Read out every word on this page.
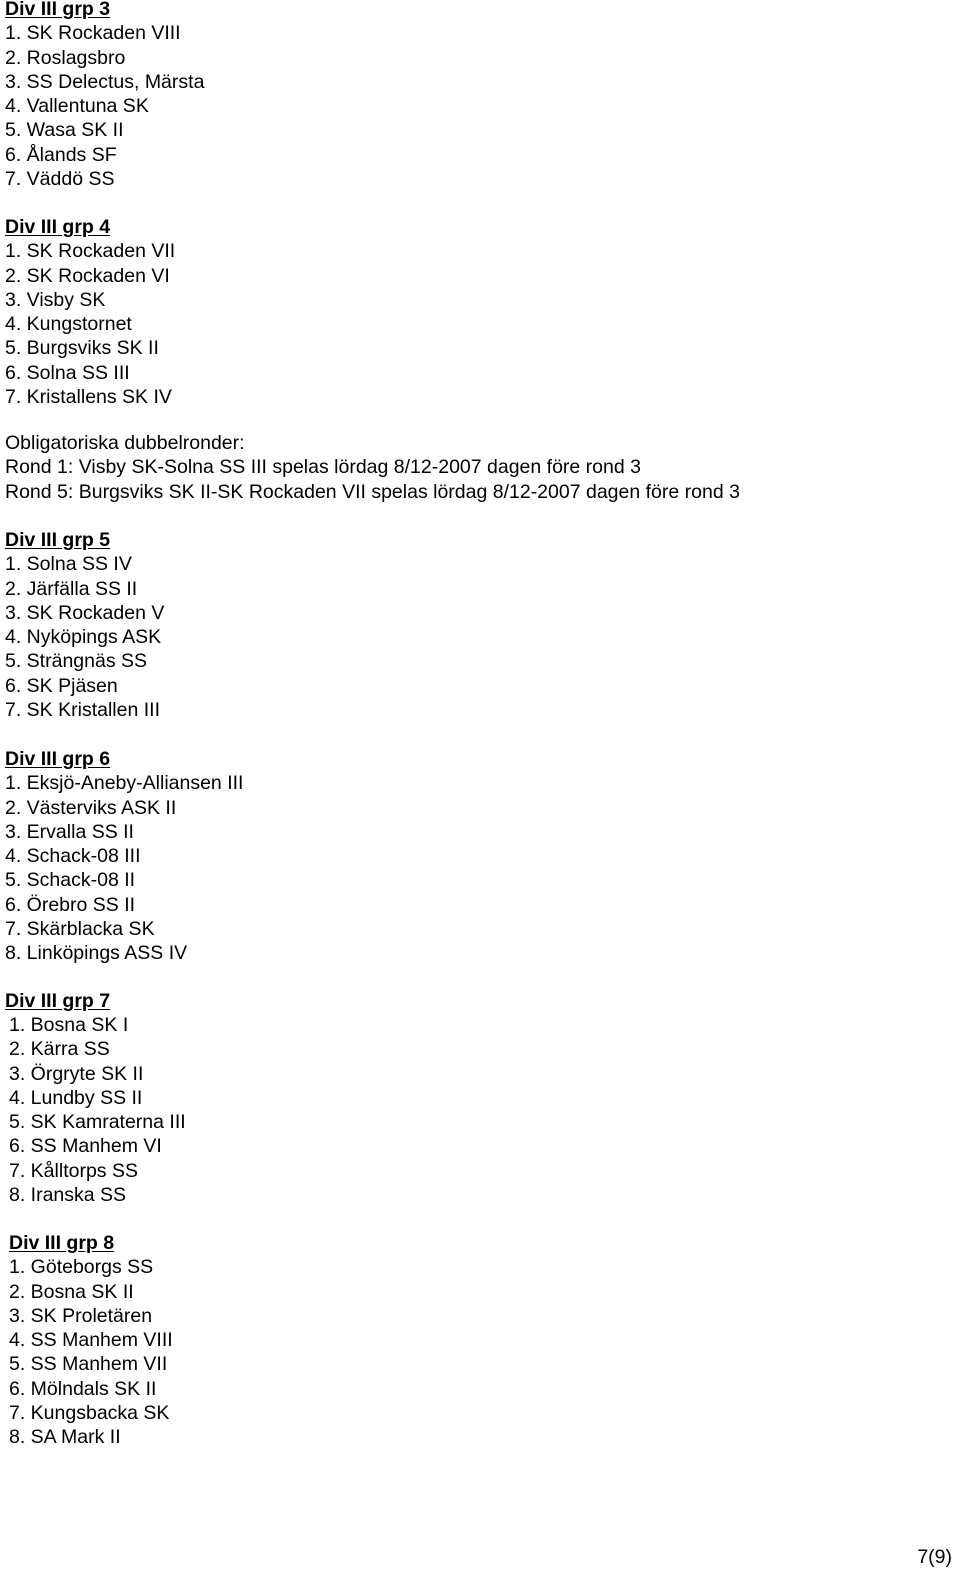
Div III grp 3
1. SK Rockaden VIII
2. Roslagsbro
3. SS Delectus, Märsta
4. Vallentuna SK
5. Wasa SK II
6. Ålands SF
7. Väddö SS
Div III grp 4
1. SK Rockaden VII
2. SK Rockaden VI
3. Visby SK
4. Kungstornet
5. Burgsviks SK II
6. Solna SS III
7. Kristallens SK IV
Obligatoriska dubbelronder:
Rond 1: Visby SK-Solna SS III spelas lördag 8/12-2007 dagen före rond 3
Rond 5: Burgsviks SK II-SK Rockaden VII spelas lördag 8/12-2007 dagen före rond 3
Div III grp 5
1. Solna SS IV
2. Järfälla SS II
3. SK Rockaden V
4. Nyköpings ASK
5. Strängnäs SS
6. SK Pjäsen
7. SK Kristallen III
Div III grp 6
1. Eksjö-Aneby-Alliansen III
2. Västerviks ASK II
3. Ervalla SS II
4. Schack-08 III
5. Schack-08 II
6. Örebro SS II
7. Skärblacka SK
8. Linköpings ASS IV
Div III grp 7
1. Bosna SK I
2. Kärra SS
3. Örgryte SK II
4. Lundby SS II
5. SK Kamraterna III
6. SS Manhem VI
7. Kålltorps SS
8. Iranska SS
Div III grp 8
1. Göteborgs SS
2. Bosna SK II
3. SK Proletären
4. SS Manhem VIII
5. SS Manhem VII
6. Mölndals SK II
7. Kungsbacka SK
8. SA Mark II
7(9)
